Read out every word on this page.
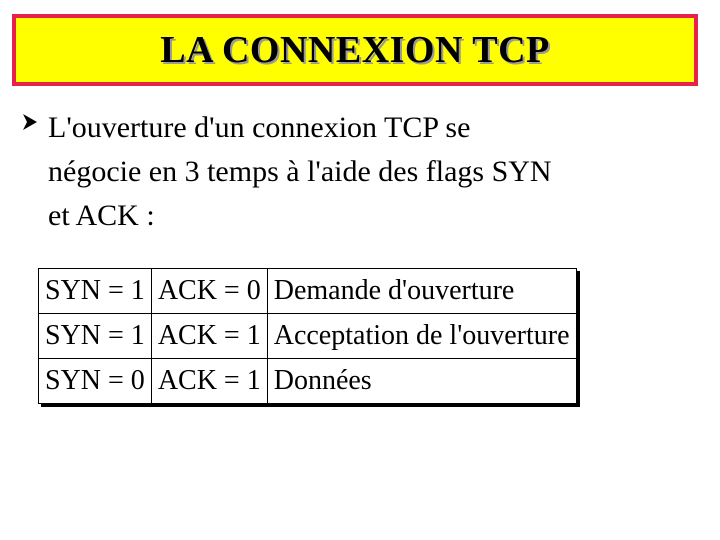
LA CONNEXION TCP
L'ouverture d'un connexion TCP se
négocie en 3 temps à l'aide des flags SYN
et ACK :
SYN = 1	ACK = 0	Demande d'ouverture
SYN = 1	ACK = 1	Acceptation de l'ouverture
SYN = 0	ACK = 1	Données
